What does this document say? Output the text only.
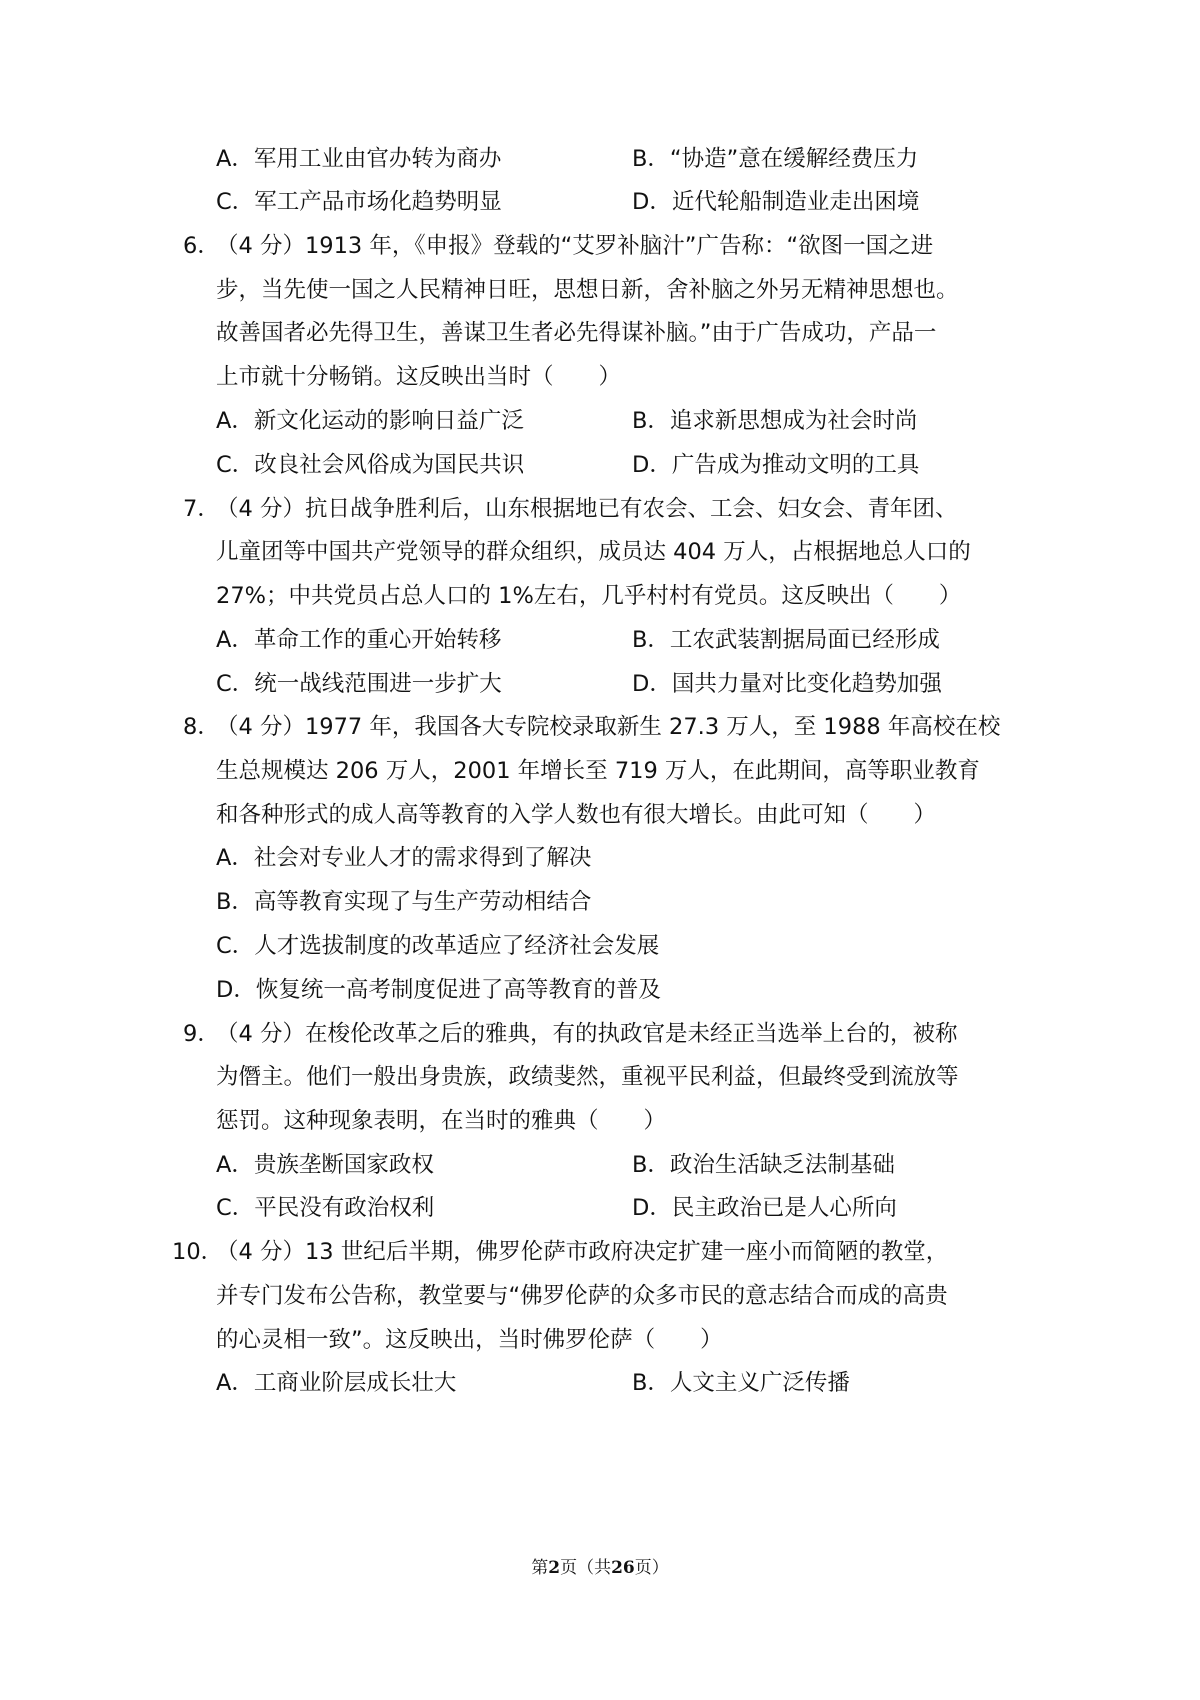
A．军用工业由官办转为商办	B．“协造”意在缓解经费压力
C．军工产品市场化趋势明显	D．近代轮船制造业走出困境
6．
（4 分）1913 年，《申报》登载的“艾罗补脑汁”广告称：“欲图一国之进
步，当先使一国之人民精神日旺，思想日新，舍补脑之外另无精神思想也。
故善国者必先得卫生，善谋卫生者必先得谋补脑。”由于广告成功，产品一
上市就十分畅销。这反映出当时（　　）
A．新文化运动的影响日益广泛	B．追求新思想成为社会时尚
C．改良社会风俗成为国民共识	D．广告成为推动文明的工具
7．
（4 分）抗日战争胜利后，山东根据地已有农会、工会、妇女会、青年团、
儿童团等中国共产党领导的群众组织，成员达 404 万人，占根据地总人口的
27%；中共党员占总人口的 1%左右，几乎村村有党员。这反映出（　　）
A．革命工作的重心开始转移	B．工农武装割据局面已经形成
C．统一战线范围进一步扩大	D．国共力量对比变化趋势加强
8．
（4 分）1977 年，我国各大专院校录取新生 27.3 万人，至 1988 年高校在校
生总规模达 206 万人，2001 年增长至 719 万人，在此期间，高等职业教育
和各种形式的成人高等教育的入学人数也有很大增长。由此可知（　　）
A．社会对专业人才的需求得到了解决
B．高等教育实现了与生产劳动相结合
C．人才选拔制度的改革适应了经济社会发展
D．恢复统一高考制度促进了高等教育的普及
9．
（4 分）在梭伦改革之后的雅典，有的执政官是未经正当选举上台的，被称
为僭主。他们一般出身贵族，政绩斐然，重视平民利益，但最终受到流放等
惩罚。这种现象表明，在当时的雅典（　　）
A．贵族垄断国家政权	B．政治生活缺乏法制基础
C．平民没有政治权利	D．民主政治已是人心所向
10．
（4 分）13 世纪后半期，佛罗伦萨市政府决定扩建一座小而简陋的教堂，
并专门发布公告称，教堂要与“佛罗伦萨的众多市民的意志结合而成的高贵
的心灵相一致”。这反映出，当时佛罗伦萨（　　）
A．工商业阶层成长壮大	B．人文主义广泛传播
第2页（共26页）
